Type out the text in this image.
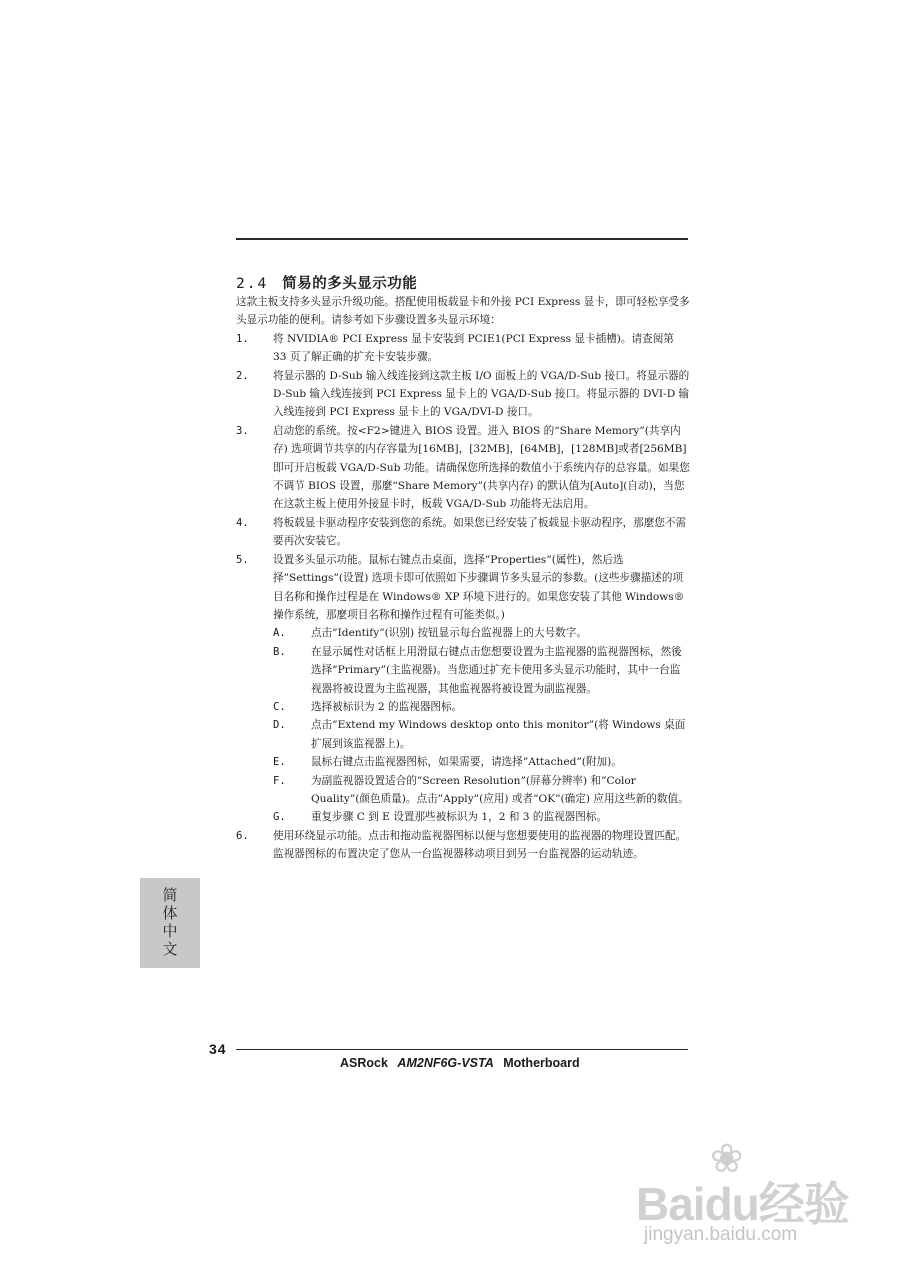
2.4 简易的多头显示功能

这款主板支持多头显示升级功能。搭配使用板载显卡和外接 PCI Express 显卡，即可轻松享受多头显示功能的便利。请参考如下步骤设置多头显示环境：

1.	将 NVIDIA® PCI Express 显卡安装到 PCIE1(PCI Express 显卡插槽)。请查阅第 33 页了解正确的扩充卡安装步骤。
2.	将显示器的 D-Sub 输入线连接到这款主板 I/O 面板上的 VGA/D-Sub 接口。将显示器的 D-Sub 输入线连接到 PCI Express 显卡上的 VGA/D-Sub 接口。将显示器的 DVI-D 输入线连接到 PCI Express 显卡上的 VGA/DVI-D 接口。
3.	启动您的系统。按<F2>键进入 BIOS 设置。进入 BIOS 的“Share Memory”(共享内存) 选项调节共享的内存容量为[16MB]，[32MB]，[64MB]，[128MB]或者[256MB]即可开启板载 VGA/D-Sub 功能。请确保您所选择的数值小于系统内存的总容量。如果您不调节 BIOS 设置，那麼“Share Memory”(共享内存) 的默认值为[Auto](自动)，当您在这款主板上使用外接显卡时，板载 VGA/D-Sub 功能将无法启用。
4.	将板载显卡驱动程序安装到您的系统。如果您已经安装了板载显卡驱动程序，那麼您不需要再次安装它。
5.	设置多头显示功能。鼠标右键点击桌面，选择”Properties”(属性)，然后选择”Settings”(设置) 选项卡即可依照如下步骤调节多头显示的参数。(这些步骤描述的项目名称和操作过程是在 Windows® XP 环境下进行的。如果您安装了其他 Windows® 操作系统，那麼项目名称和操作过程有可能类似。)
A.	点击”Identify”(识别) 按钮显示每台监视器上的大号数字。
B.	在显示属性对话框上用滑鼠右键点击您想要设置为主监视器的监视器图标，然後选择”Primary”(主监视器)。当您通过扩充卡使用多头显示功能时，其中一台监视器将被设置为主监视器，其他监视器将被设置为副监视器。
C.	选择被标识为 2 的监视器图标。
D.	点击”Extend my Windows desktop onto this monitor”(将 Windows 桌面扩展到该监视器上)。
E.	鼠标右键点击监视器图标，如果需要，请选择”Attached”(附加)。
F.	为副监视器设置适合的”Screen Resolution”(屏幕分辨率) 和”Color Quality”(颜色质量)。点击”Apply”(应用) 或者”OK”(确定) 应用这些新的数值。
G.	重复步骤 C 到 E 设置那些被标识为 1，2 和 3 的监视器图标。
6.	使用环绕显示功能。点击和拖动监视器图标以便与您想要使用的监视器的物理设置匹配。监视器图标的布置决定了您从一台监视器移动项目到另一台监视器的运动轨迹。
简体中文
34
ASRock AM2NF6G-VSTA Motherboard
❀
Baidu经验
jingyan.baidu.com
